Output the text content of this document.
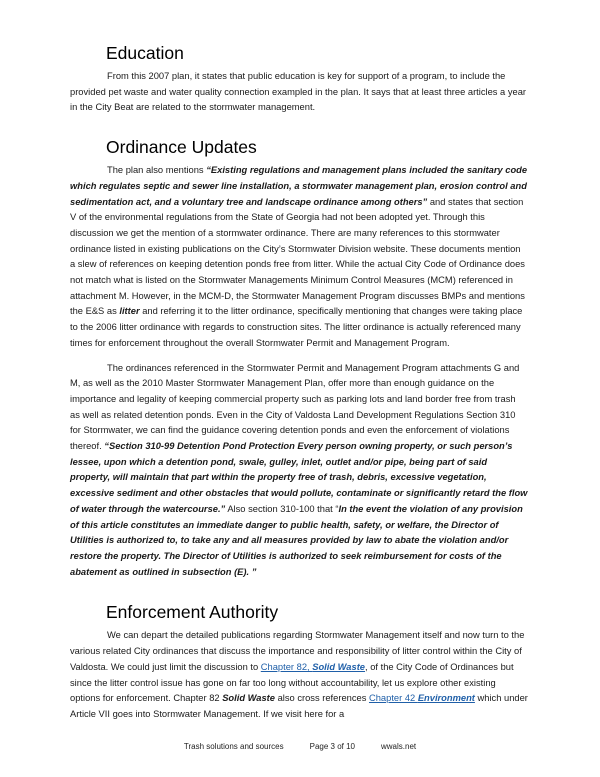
Education

From this 2007 plan, it states that public education is key for support of a program, to include the provided pet waste and water quality connection exampled in the plan. It says that at least three articles a year in the City Beat are related to the stormwater management.

Ordinance Updates

The plan also mentions “Existing regulations and management plans included the sanitary code which regulates septic and sewer line installation, a stormwater management plan, erosion control and sedimentation act, and a voluntary tree and landscape ordinance among others” and states that section V of the environmental regulations from the State of Georgia had not been adopted yet. Through this discussion we get the mention of a stormwater ordinance. There are many references to this stormwater ordinance listed in existing publications on the City’s Stormwater Division website. These documents mention a slew of references on keeping detention ponds free from litter. While the actual City Code of Ordinance does not match what is listed on the Stormwater Managements Minimum Control Measures (MCM) referenced in attachment M. However, in the MCM-D, the Stormwater Management Program discusses BMPs and mentions the E&S as litter and referring it to the litter ordinance, specifically mentioning that changes were taking place to the 2006 litter ordinance with regards to construction sites. The litter ordinance is actually referenced many times for enforcement throughout the overall Stormwater Permit and Management Program.

The ordinances referenced in the Stormwater Permit and Management Program attachments G and M, as well as the 2010 Master Stormwater Management Plan, offer more than enough guidance on the importance and legality of keeping commercial property such as parking lots and land border free from trash as well as related detention ponds. Even in the City of Valdosta Land Development Regulations Section 310 for Stormwater, we can find the guidance covering detention ponds and even the enforcement of violations thereof. “Section 310-99 Detention Pond Protection Every person owning property, or such person’s lessee, upon which a detention pond, swale, gulley, inlet, outlet and/or pipe, being part of said property, will maintain that part within the property free of trash, debris, excessive vegetation, excessive sediment and other obstacles that would pollute, contaminate or significantly retard the flow of water through the watercourse.” Also section 310-100 that “In the event the violation of any provision of this article constitutes an immediate danger to public health, safety, or welfare, the Director of Utilities is authorized to, to take any and all measures provided by law to abate the violation and/or restore the property. The Director of Utilities is authorized to seek reimbursement for costs of the abatement as outlined in subsection (E). ”

Enforcement Authority

We can depart the detailed publications regarding Stormwater Management itself and now turn to the various related City ordinances that discuss the importance and responsibility of litter control within the City of Valdosta. We could just limit the discussion to Chapter 82, Solid Waste, of the City Code of Ordinances but since the litter control issue has gone on far too long without accountability, let us explore other existing options for enforcement. Chapter 82 Solid Waste also cross references Chapter 42 Environment which under Article VII goes into Stormwater Management. If we visit here for a

Trash solutions and sources	Page 3 of 10	wwals.net
